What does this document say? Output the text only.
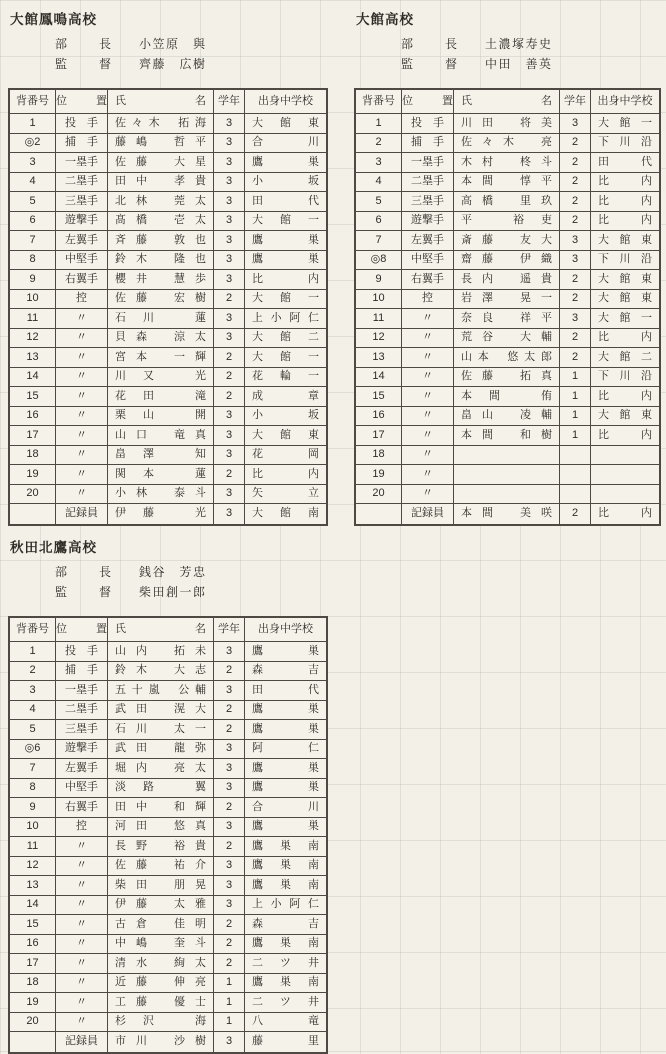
大館鳳鳴高校
部	長 小笠原　與
監	督 齊藤　広樹
背番号 位	置 氏	名	学年	出身中学校
1	投　手	佐 々 木 拓 海	3	大 館 東
◎2	捕　手	藤 嶋 哲 平	3	合	川
3	一塁手	佐 藤 大 星	3	鷹	巣
4	二塁手	田 中 孝 貴	3	小	坂
5	三塁手	北 林 莞 太	3	田	代
6	遊撃手	髙 橋 壱 太	3	大 館 一
7	左翼手	斉 藤 敦 也	3	鷹	巣
8	中堅手	鈴 木 隆 也	3	鷹	巣
9	右翼手	櫻 井 慧 歩	3	比	内
10	控	佐 藤 宏 樹	2	大 館 一
11	〃	石 川	蓮	3	上 小 阿 仁
12	〃	貝 森 涼 太	3	大 館 二
13	〃	宮 本 一 輝	2	大 館 一
14	〃	川 又	光	2	花 輪 一
15	〃	花 田	滝	2	成	章
16	〃	栗 山	開	3	小	坂
17	〃	山 口 竜 真	3	大 館 東
18	〃	畠 澤	知	3	花	岡
19	〃	関 本	蓮	2	比	内
20	〃	小 林 泰 斗	3	矢	立
記録員	伊 藤	光	3	大 館 南
大館高校
部	長 土濃塚寿史
監	督 中田　善英
背番号 位	置 氏	名	学年	出身中学校
1	投　手	川 田 将 美	3	大 館 一
2	捕　手	佐 々 木 亮	2	下 川 沿
3	一塁手	木 村 柊 斗	2	田	代
4	二塁手	本 間 惇 平	2	比	内
5	三塁手	高 橋 里 玖	2	比	内
6	遊撃手	平	裕 吏	2	比	内
7	左翼手	斎 藤 友 大	3	大 館 東
◎8	中堅手	齋 藤 伊 織	3	下 川 沿
9	右翼手	長 内 遥 貴	2	大 館 東
10	控	岩 澤 晃 一	2	大 館 東
11	〃	奈 良 祥 平	3	大 館 一
12	〃	荒 谷 大 輔	2	比	内
13	〃	山 本 悠 太 郎	2	大 館 二
14	〃	佐 藤 拓 真	1	下 川 沿
15	〃	本 間	侑	1	比	内
16	〃	畠 山 凌 輔	1	大 館 東
17	〃	本 間 和 樹	1	比	内
18	〃
19	〃
20	〃
記録員	本 間 美 咲	2	比	内
秋田北鷹高校
部	長 銭谷　芳忠
監	督 柴田創一郎
背番号 位	置 氏	名	学年	出身中学校
1	投　手	山 内 拓 未	3	鷹	巣
2	捕　手	鈴 木 大 志	2	森	吉
3	一塁手	五 十 嵐 公 輔	3	田	代
4	二塁手	武 田 滉 大	2	鷹	巣
5	三塁手	石 川 太 一	2	鷹	巣
◎6	遊撃手	武 田 龍 弥	3	阿	仁
7	左翼手	堀 内 亮 太	3	鷹	巣
8	中堅手	淡 路	翼	3	鷹	巣
9	右翼手	田 中 和 輝	2	合	川
10	控	河 田 悠 真	3	鷹	巣
11	〃	長 野 裕 貴	2	鷹 巣 南
12	〃	佐 藤 祐 介	3	鷹 巣 南
13	〃	柴 田 朋 晃	3	鷹 巣 南
14	〃	伊 藤 太 雅	3	上 小 阿 仁
15	〃	古 倉 佳 明	2	森	吉
16	〃	中 嶋 奎 斗	2	鷹 巣 南
17	〃	清 水 絢 太	2	二 ツ 井
18	〃	近 藤 伸 亮	1	鷹 巣 南
19	〃	工 藤 優 士	1	二 ツ 井
20	〃	杉 沢	海	1	八	竜
記録員	市 川 沙 樹	3	藤	里
